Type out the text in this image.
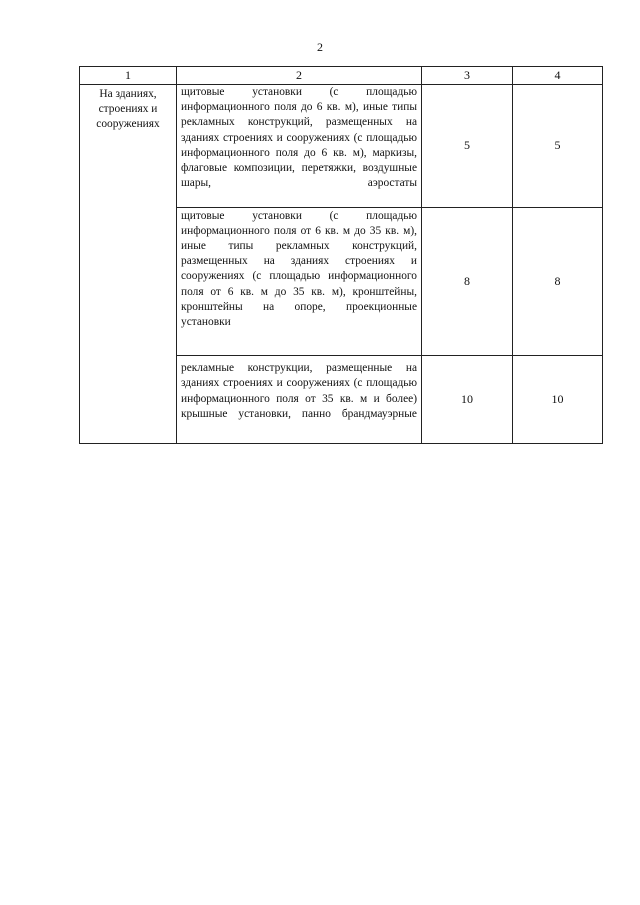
2
1	2	3	4
На зданиях, строениях и сооружениях	щитовые установки (с площадью информационного поля до 6 кв. м), иные типы рекламных конструкций, размещенных на зданиях строениях и сооружениях (с площадью информационного поля до 6 кв. м), маркизы, флаговые композиции, перетяжки, воздушные шары, аэростаты	5	5

	щитовые установки (с площадью информационного поля от 6 кв. м до 35 кв. м), иные типы рекламных конструкций, размещенных на зданиях строениях и сооружениях (с площадью информационного поля от 6 кв. м до 35 кв. м), кронштейны, кронштейны на опоре, проекционные установки	8	8

	рекламные конструкции, размещенные на зданиях строениях и сооружениях (с площадью информационного поля от 35 кв. м и более) крышные установки, панно брандмауэрные	10	10
